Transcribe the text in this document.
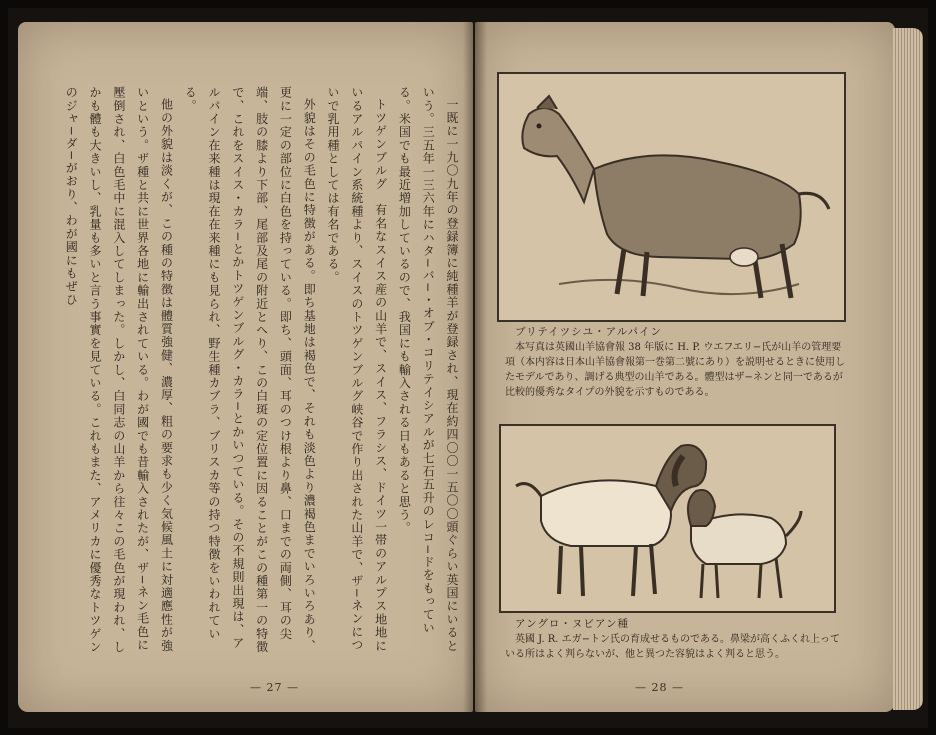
一既に一九〇九年の登録簿に純種羊が登録され、現在約四〇〇一五〇〇頭ぐらい英国にいるという。三五年一三六年にハタ−バ−・オブ・コリテイシアルが七石五升のレコ−ドをもっている。米国でも最近増加しているので、我国にも輸入される日もあると思う。

トツゲンブルグ　有名なスイス産の山羊で、スイス、フラシス、ドイツ一帯のアルプス地地にいるアルパイン系統種より、スイスのトツゲンブルグ峡谷で作り出された山羊で、ザ−ネンについで乳用種としては有名である。

外貌はその毛色に特徴がある。即ち基地は褐色で、それも淡色より濃褐色までいろいろあり、更に一定の部位に白色を持っている。即ち、頭面、耳のつけ根より鼻、口までの両側、耳の尖端、肢の膝より下部、尾部及尾の附近とへり、この白斑の定位置に因ることがこの種第一の特徴で、これをスイス・カラ−とかトツゲンブルグ・カラ−とかいつている。その不規則出現は、アルパイン在来種は現在在来種にも見られ、野生種カブラ、ブリスカ等の持つ特徴をいわれている。

他の外貌は淡くが、この種の特徴は體質強健、濃厚、粗の要求も少く気候風土に対適應性が強いという。ザ種と共に世界各地に輸出されている。わが國でも昔輸入されたが、ザ−ネン毛色に壓倒され、白色毛中に混入してしまった。しかし、白同志の山羊から往々この毛色が現われ、しかも體も大きいし、乳量も多いと言う事實を見ている。これもまた、アメリカに優秀なトツゲンのジャ−ダ−がおり、わが國にもぜひ

— 27 —
ブリテイツシユ・アルパイン
本写真は英國山羊協會報 38 年版に H. P. ウエフエリ−氏が山羊の管理要項（本内容は日本山羊協會報第一巻第二號にあり）を説明せるときに使用したモデルであり、調げる典型の山羊である。體型はザ−ネンと同一であるが比較的優秀なタイプの外貌を示すものである。
アングロ・ヌビアン種
英國 J. R. エガ−トン氏の育成せるものである。鼻梁が高くふくれ上っている所はよく判らないが、他と異つた容貌はよく判ると思う。
— 28 —
